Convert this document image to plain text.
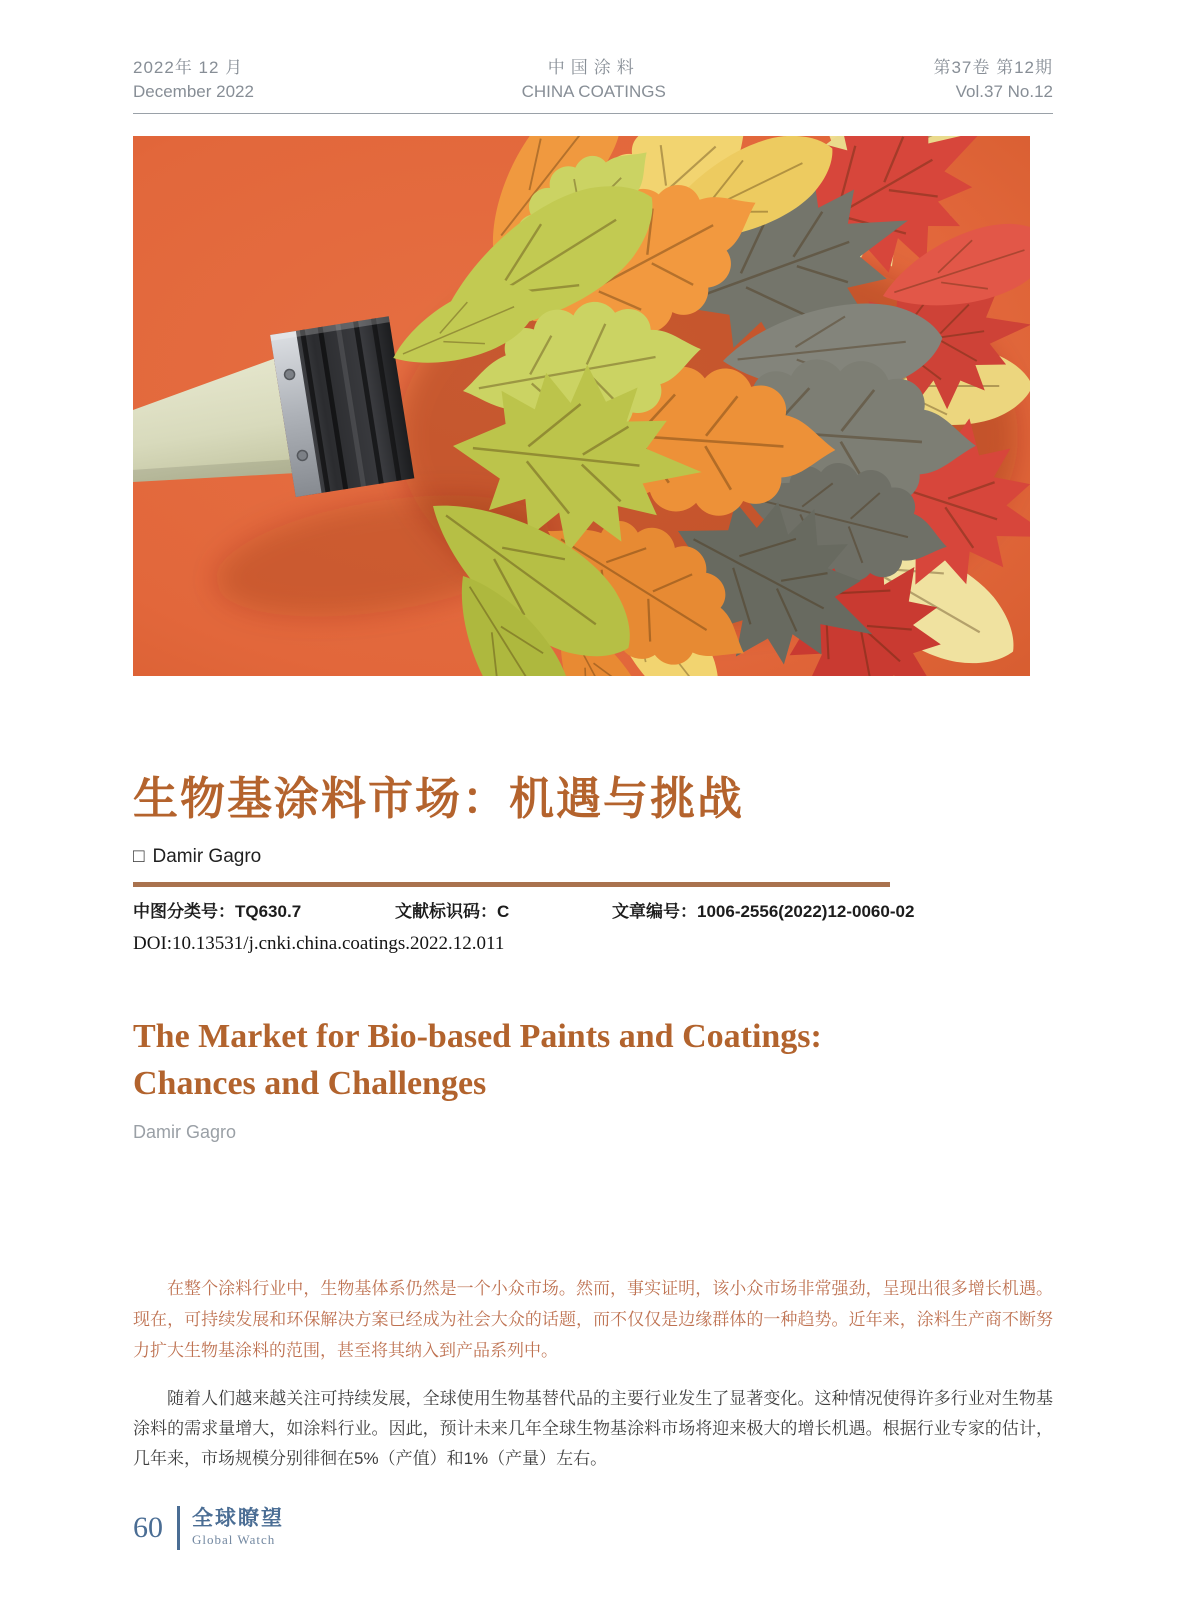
2022年 12 月
December 2022
中国涂料
CHINA COATINGS
第37卷 第12期
Vol.37 No.12
生物基涂料市场：机遇与挑战
□ Damir Gagro
中图分类号：TQ630.7	文献标识码：C	文章编号：1006-2556(2022)12-0060-02
DOI:10.13531/j.cnki.china.coatings.2022.12.011
The Market for Bio-based Paints and Coatings:
Chances and Challenges
Damir Gagro

在整个涂料行业中，生物基体系仍然是一个小众市场。然而，事实证明，该小众市场非常强劲，呈现出很多增长机遇。现在，可持续发展和环保解决方案已经成为社会大众的话题，而不仅仅是边缘群体的一种趋势。近年来，涂料生产商不断努力扩大生物基涂料的范围，甚至将其纳入到产品系列中。

随着人们越来越关注可持续发展，全球使用生物基替代品的主要行业发生了显著变化。这种情况使得许多行业对生物基涂料的需求量增大，如涂料行业。因此，预计未来几年全球生物基涂料市场将迎来极大的增长机遇。根据行业专家的估计，几年来，市场规模分别徘徊在5%（产值）和1%（产量）左右。

60 全球瞭望
Global Watch
